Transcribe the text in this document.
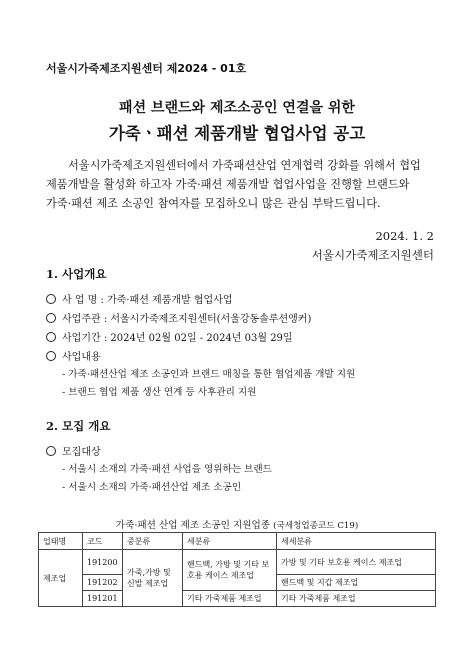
서울시가죽제조지원센터 제2024 - 01호
패션 브랜드와 제조소공인 연결을 위한
가죽ㆍ패션 제품개발 협업사업 공고
서울시가죽제조지원센터에서 가죽패션산업 연계협력 강화를 위해서 협업
제품개발을 활성화 하고자 가죽·패션 제품개발 협업사업을 진행할 브랜드와
가죽·패션 제조 소공인 참여자를 모집하오니 많은 관심 부탁드립니다.
2024. 1. 2
서울시가죽제조지원센터
1. 사업개요
사 업 명 : 가죽·패션 제품개발 협업사업
사업주관 : 서울시가죽제조지원센터(서울강동솔루션앵커)
사업기간 : 2024년 02월 02일 - 2024년 03월 29일
사업내용
- 가죽·패션산업 제조 소공인과 브랜드 매칭을 통한 협업제품 개발 지원
- 브랜드 협업 제품 생산 연계 등 사후관리 지원
2. 모집 개요
모집대상
- 서울시 소재의 가죽·패션 사업을 영위하는 브랜드
- 서울시 소재의 가죽·패션산업 제조 소공인
가죽·패션 산업 제조 소공인 지원업종 (국세청업종코드 C19)
업태명	코드	중분류	세분류	세세분류
제조업	191200	가죽,가방 및 신발 제조업	핸드백, 가방 및 기타 보호용 케이스 제조업	가방 및 기타 보호용 케이스 제조업
	191202			핸드백 및 지갑 제조업

	191201		기타 가죽제품 제조업	기타 가죽제품 제조업
